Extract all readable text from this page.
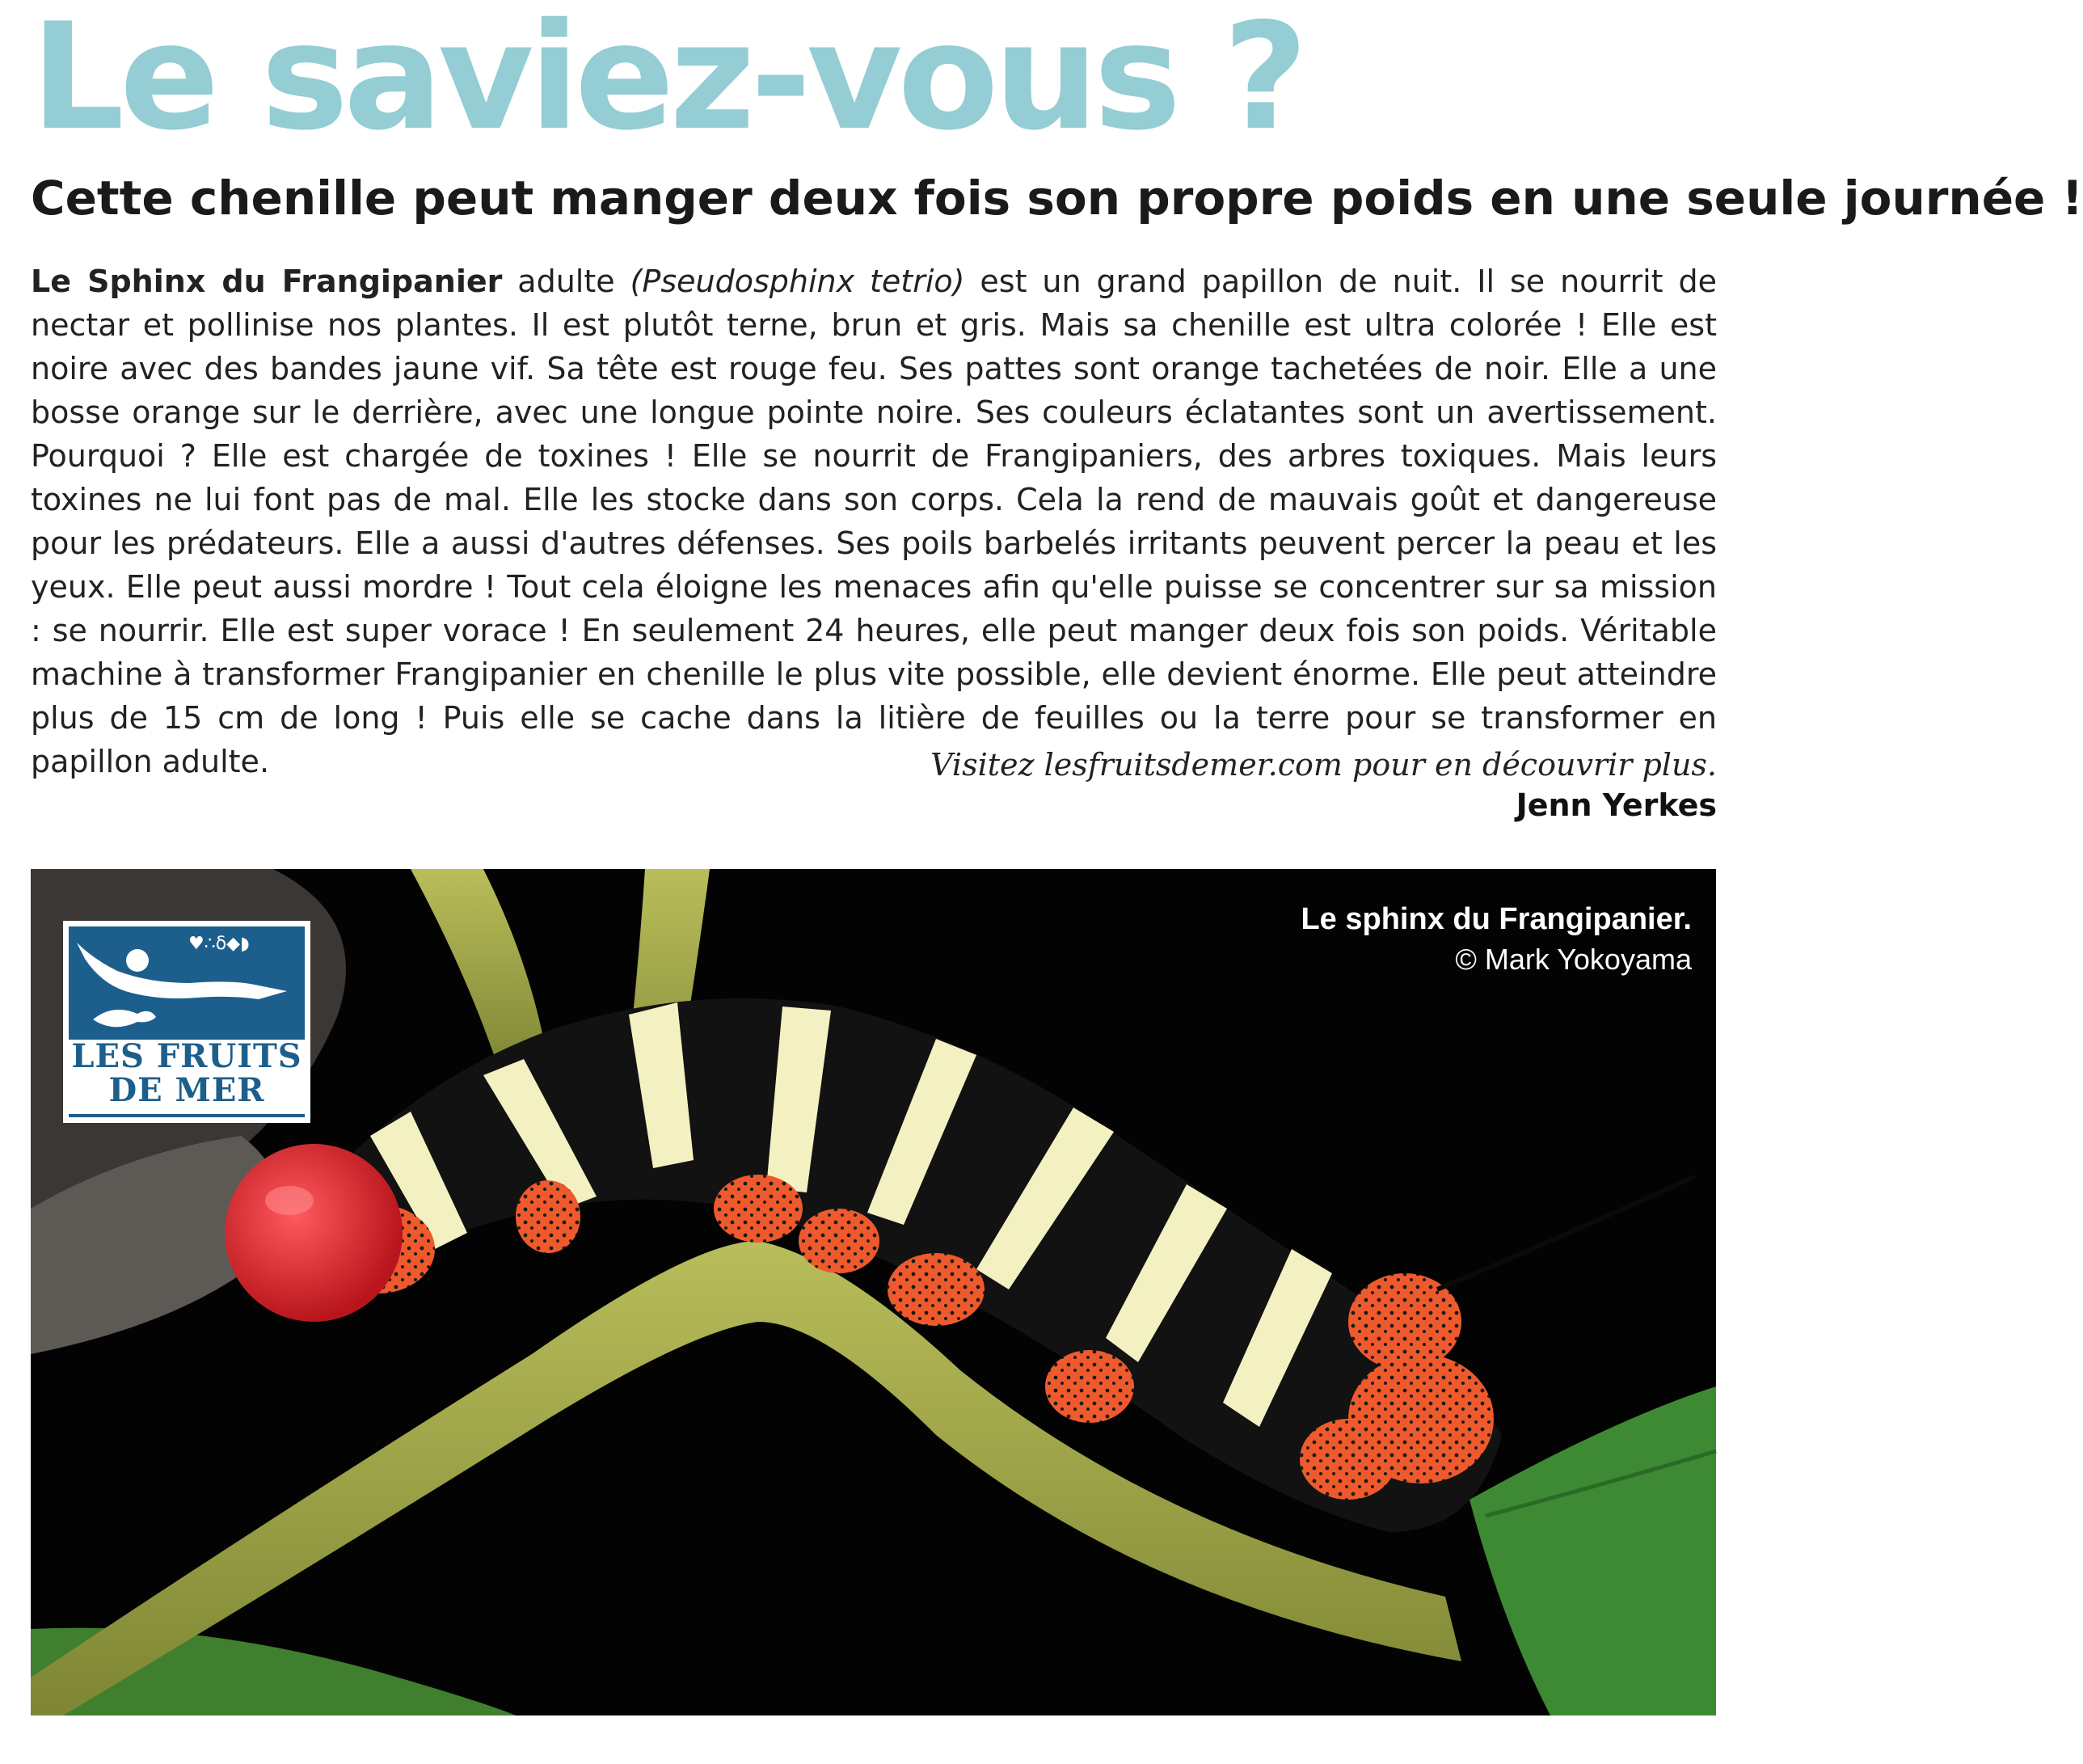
Le saviez-vous ?
Cette chenille peut manger deux fois son propre poids en une seule journée !

Le Sphinx du Frangipanier adulte (Pseudosphinx tetrio) est un grand papillon de nuit. Il se nourrit de nectar et pollinise nos plantes. Il est plutôt terne, brun et gris. Mais sa chenille est ultra colorée ! Elle est noire avec des bandes jaune vif. Sa tête est rouge feu. Ses pattes sont orange tachetées de noir. Elle a une bosse orange sur le derrière, avec une longue pointe noire. Ses couleurs éclatantes sont un avertissement. Pourquoi ? Elle est chargée de toxines ! Elle se nourrit de Frangipaniers, des arbres toxiques. Mais leurs toxines ne lui font pas de mal. Elle les stocke dans son corps. Cela la rend de mauvais goût et dangereuse pour les prédateurs. Elle a aussi d'autres défenses. Ses poils barbelés irritants peuvent percer la peau et les yeux. Elle peut aussi mordre ! Tout cela éloigne les menaces afin qu'elle puisse se concentrer sur sa mission : se nourrir. Elle est super vorace ! En seulement 24 heures, elle peut manger deux fois son poids. Véritable machine à transformer Frangipanier en chenille le plus vite possible, elle devient énorme. Elle peut atteindre plus de 15 cm de long ! Puis elle se cache dans la litière de feuilles ou la terre pour se transformer en papillon adulte.	Visitez lesfruitsdemer.com pour en découvrir plus.
Jenn Yerkes
♥∴δ◆◗
LES FRUITS
DE MER
Le sphinx du Frangipanier.
© Mark Yokoyama
